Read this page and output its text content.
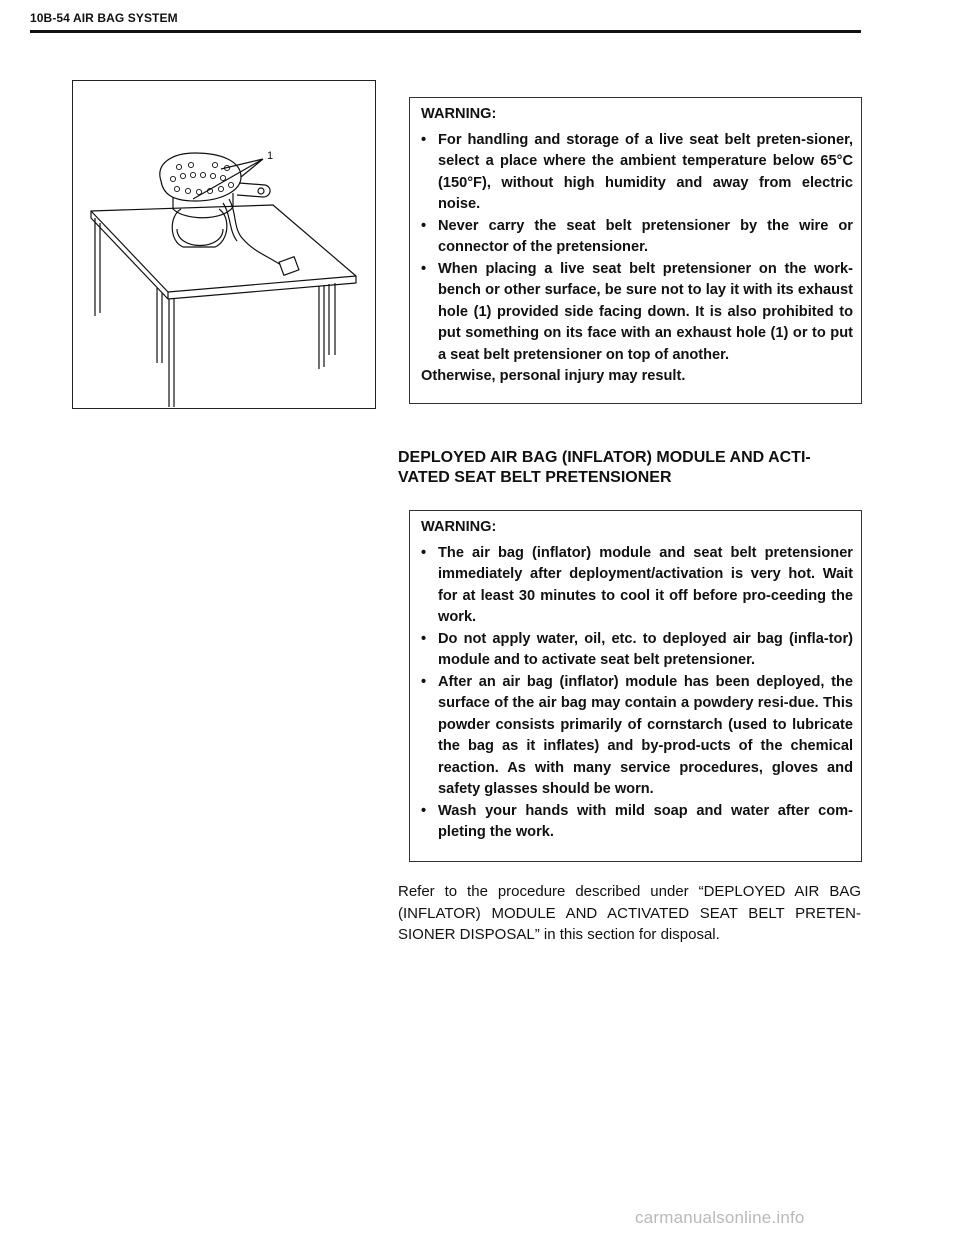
10B-54 AIR BAG SYSTEM
1
WARNING:
• For handling and storage of a live seat belt preten-sioner, select a place where the ambient temperature below 65°C (150°F), without high humidity and away from electric noise.
• Never carry the seat belt pretensioner by the wire or connector of the pretensioner.
• When placing a live seat belt pretensioner on the work-bench or other surface, be sure not to lay it with its exhaust hole (1) provided side facing down. It is also prohibited to put something on its face with an exhaust hole (1) or to put a seat belt pretensioner on top of another.
Otherwise, personal injury may result.
DEPLOYED AIR BAG (INFLATOR) MODULE AND ACTI-VATED SEAT BELT PRETENSIONER
WARNING:
• The air bag (inflator) module and seat belt pretensioner immediately after deployment/activation is very hot. Wait for at least 30 minutes to cool it off before pro-ceeding the work.
• Do not apply water, oil, etc. to deployed air bag (infla-tor) module and to activate seat belt pretensioner.
• After an air bag (inflator) module has been deployed, the surface of the air bag may contain a powdery resi-due. This powder consists primarily of cornstarch (used to lubricate the bag as it inflates) and by-prod-ucts of the chemical reaction. As with many service procedures, gloves and safety glasses should be worn.
• Wash your hands with mild soap and water after com-pleting the work.
Refer to the procedure described under “DEPLOYED AIR BAG (INFLATOR) MODULE AND ACTIVATED SEAT BELT PRETEN-SIONER DISPOSAL” in this section for disposal.
carmanualsonline.info
